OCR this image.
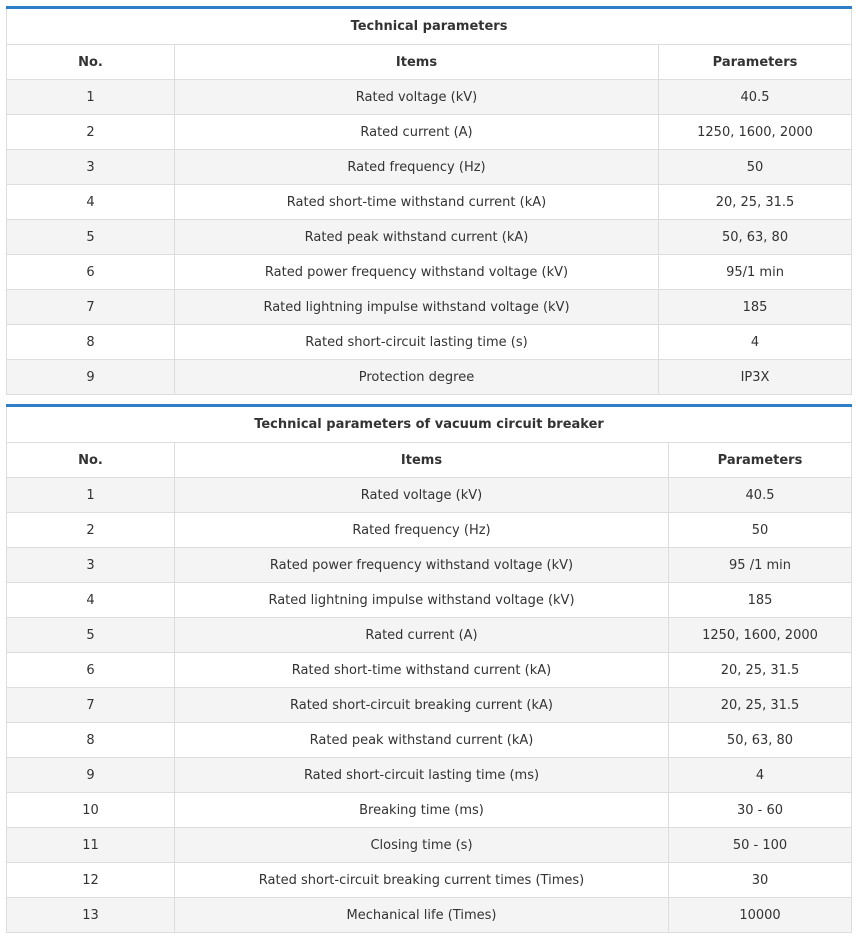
Technical parameters		
No.	Items	Parameters
1	Rated voltage (kV)	40.5
2	Rated current (A)	1250, 1600, 2000
3	Rated frequency (Hz)	50
4	Rated short-time withstand current (kA)	20, 25, 31.5
5	Rated peak withstand current (kA)	50, 63, 80
6	Rated power frequency withstand voltage (kV)	95/1 min
7	Rated lightning impulse withstand voltage (kV)	185
8	Rated short-circuit lasting time (s)	4
9	Protection degree	IP3X
Technical parameters of vacuum circuit breaker		
No.	Items	Parameters
1	Rated voltage (kV)	40.5
2	Rated frequency (Hz)	50
3	Rated power frequency withstand voltage (kV)	95 /1 min
4	Rated lightning impulse withstand voltage (kV)	185
5	Rated current (A)	1250, 1600, 2000
6	Rated short-time withstand current (kA)	20, 25, 31.5
7	Rated short-circuit breaking current (kA)	20, 25, 31.5
8	Rated peak withstand current (kA)	50, 63, 80
9	Rated short-circuit lasting time (ms)	4
10	Breaking time (ms)	30 - 60
11	Closing time (s)	50 - 100
12	Rated short-circuit breaking current times (Times)	30
13	Mechanical life (Times)	10000
